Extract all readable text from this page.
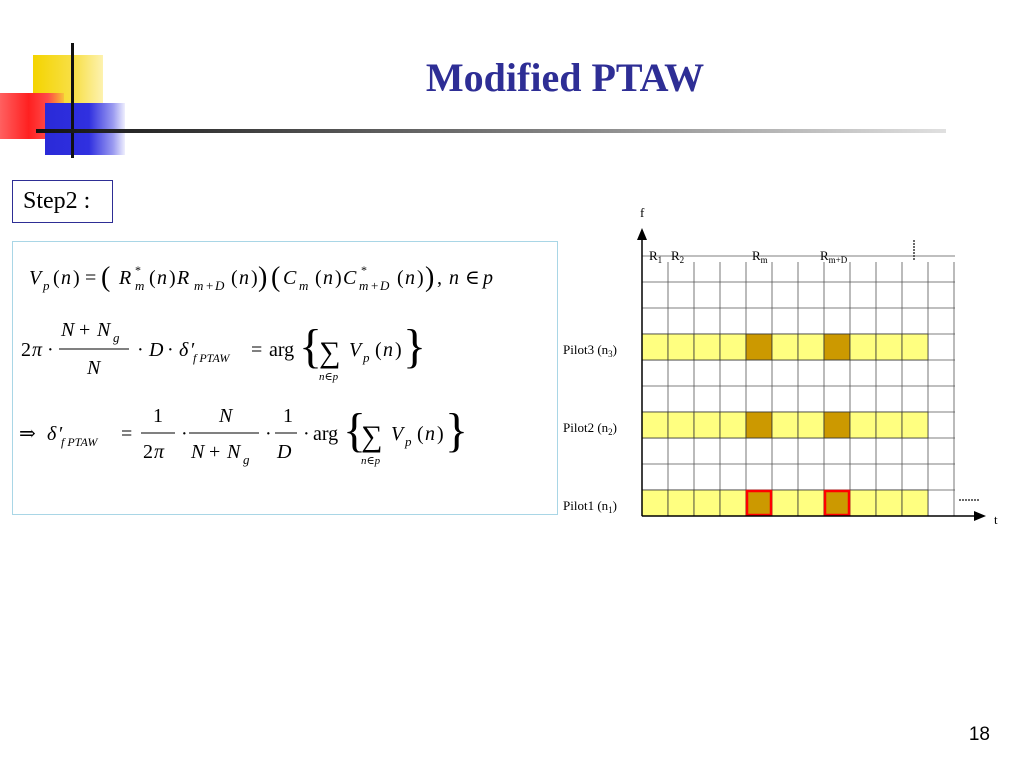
Modified PTAW
Step2 :
V p ( n ) = ( R *
m ( n ) R m + D ( n ) ) ( C m ( n ) C *
m + D ( n ) ) , n ∈ p
2 π ·
N + N g
N
· D · δ ′
f PTAW = arg {
∑
n∈p
V p ( n ) }
⇒ δ ′
f PTAW =
1
2 π
·
N
N + N g
·
1
D
· arg {
∑
n∈p
V p ( n ) }
f
t
$R_1$ $R_2$	$R_m$	$R_{m+D}$
Pilot3 $(n_3)$
Pilot2 $(n_2)$
Pilot1 $(n_1)$
18
